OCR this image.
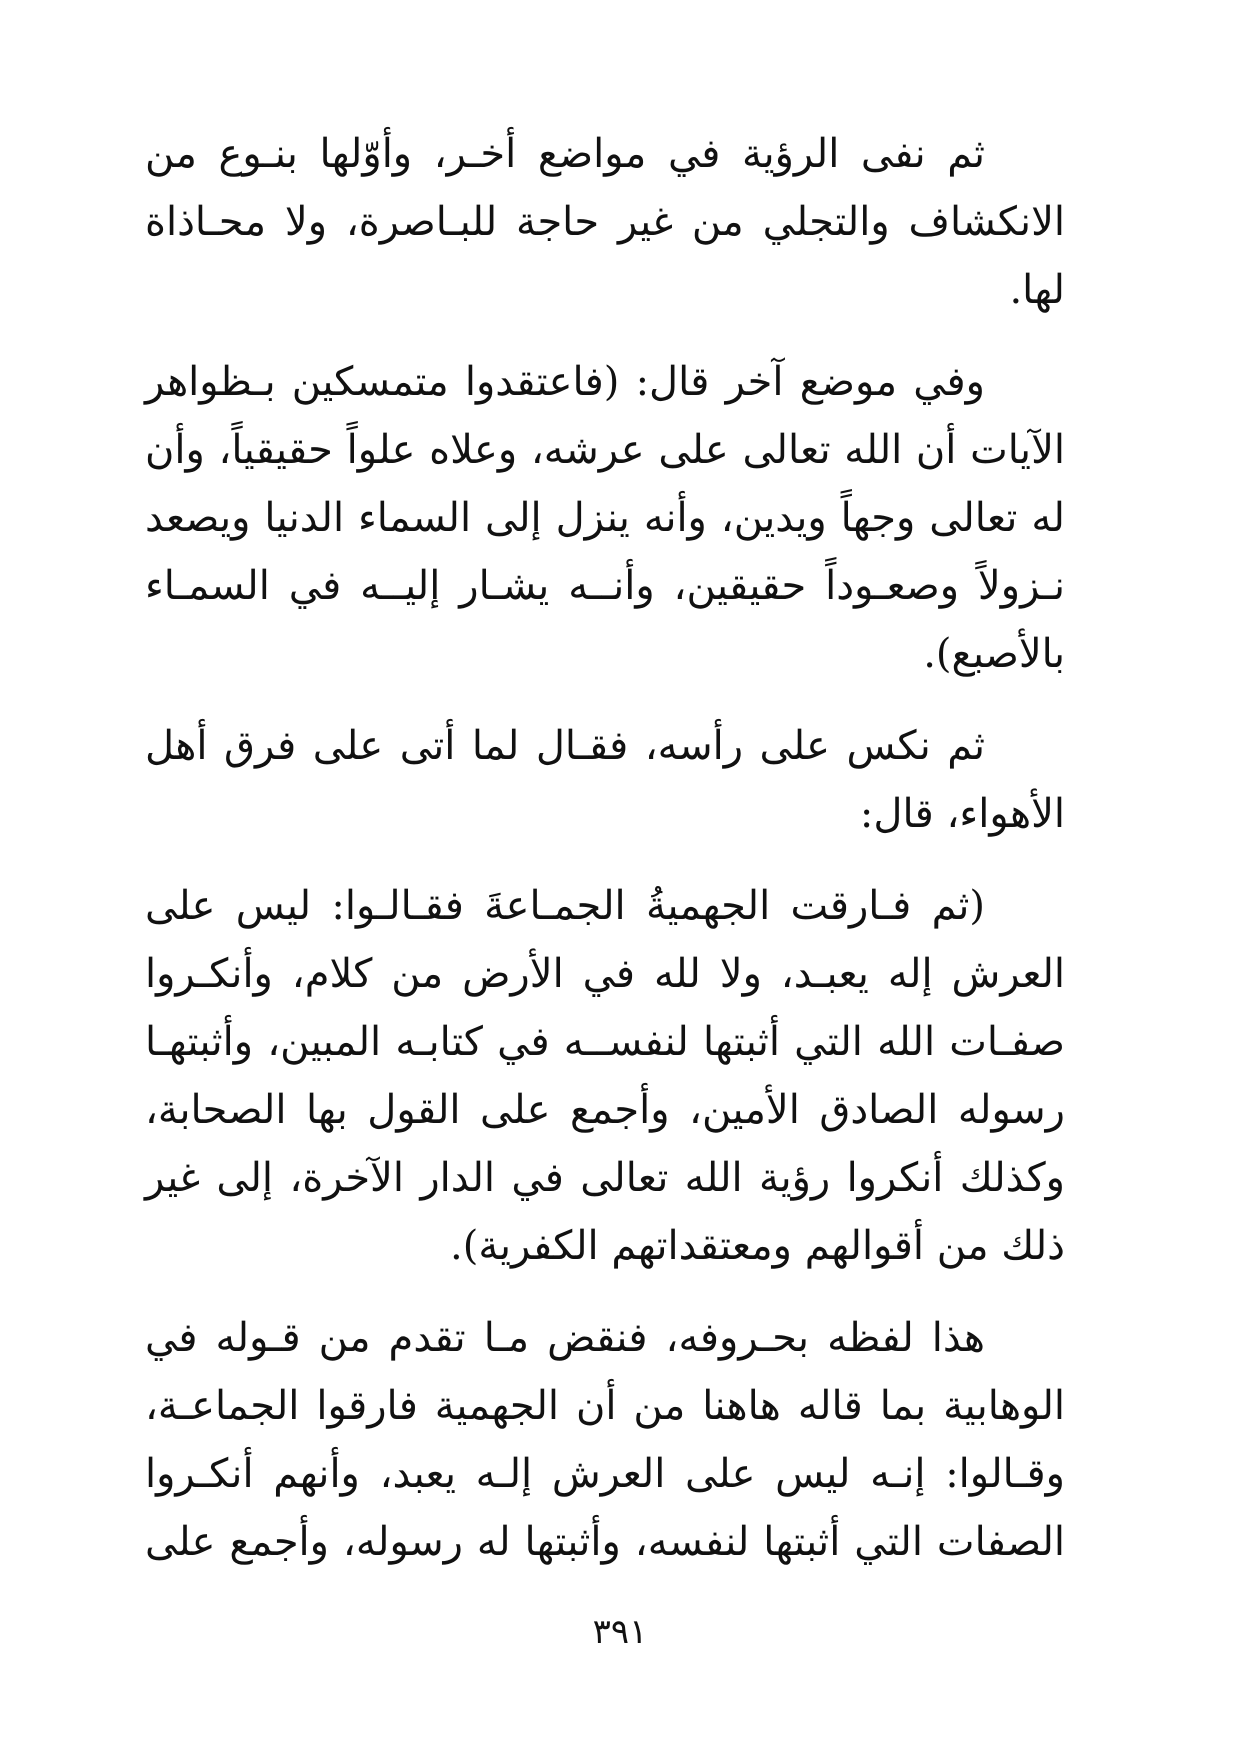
ثم نفى الرؤية في مواضع أخـر، وأوّلها بنـوع من
الانكشاف والتجلي من غير حاجة للبـاصرة، ولا محـاذاة
لها.
وفي موضع آخر قال: (فاعتقدوا متمسكين بـظواهر
الآيات أن الله تعالى على عرشه، وعلاه علواً حقيقياً، وأن
له تعالى وجهاً ويدين، وأنه ينزل إلى السماء الدنيا ويصعد
نـزولاً وصعـوداً حقيقين، وأنــه يشـار إليــه في السمـاء
بالأصبع).
ثم نكس على رأسه، فقـال لما أتى على فرق أهل
الأهواء، قال:
(ثم فـارقت الجهميةُ الجمـاعةَ فقـالـوا: ليس على
العرش إله يعبـد، ولا لله في الأرض من كلام، وأنكـروا
صفـات الله التي أثبتها لنفســه في كتابـه المبين، وأثبتهـا
رسوله الصادق الأمين، وأجمع على القول بها الصحابة،
وكذلك أنكروا رؤية الله تعالى في الدار الآخرة، إلى غير
ذلك من أقوالهم ومعتقداتهم الكفرية).
هذا لفظه بحـروفه، فنقض مـا تقدم من قـوله في
الوهابية بما قاله هاهنا من أن الجهمية فارقوا الجماعـة،
وقـالوا: إنـه ليس على العرش إلـه يعبد، وأنهم أنكـروا
الصفات التي أثبتها لنفسه، وأثبتها له رسوله، وأجمع على
٣٩١
